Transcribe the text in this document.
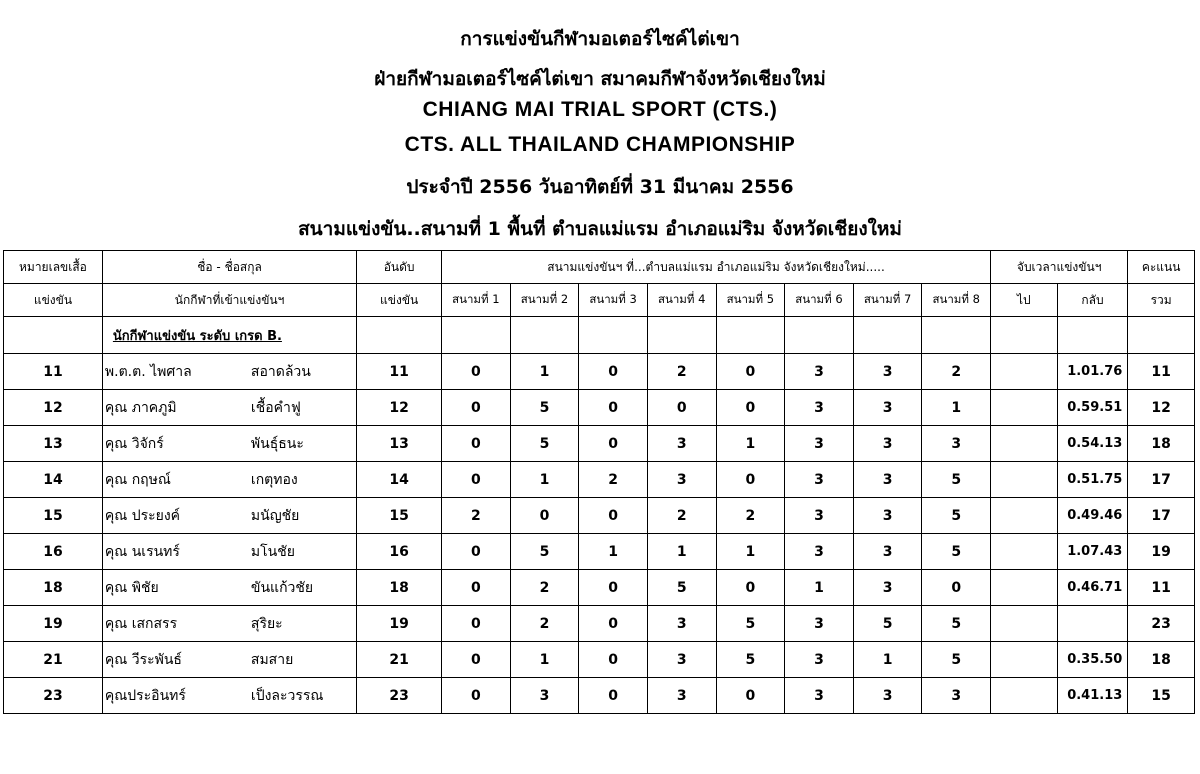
การแข่งขันกีฬามอเตอร์ไซค์ไต่เขา
ฝ่ายกีฬามอเตอร์ไซค์ไต่เขา สมาคมกีฬาจังหวัดเชียงใหม่
CHIANG MAI TRIAL SPORT (CTS.)
CTS. ALL THAILAND CHAMPIONSHIP
ประจำปี 2556 วันอาทิตย์ที่ 31 มีนาคม 2556
สนามแข่งขัน..สนามที่ 1 พื้นที่ ตำบลแม่แรม อำเภอแม่ริม จังหวัดเชียงใหม่
หมายเลขเสื้อ	ชื่อ - ชื่อสกุล	อันดับ	สนามแข่งขันฯ ที่...ตำบลแม่แรม อำเภอแม่ริม จังหวัดเชียงใหม่.....								จับเวลาแข่งขันฯ		คะแนน
แข่งขัน	นักกีฬาที่เข้าแข่งขันฯ	แข่งขัน	สนามที่ 1	สนามที่ 2	สนามที่ 3	สนามที่ 4	สนามที่ 5	สนามที่ 6	สนามที่ 7	สนามที่ 8	ไป	กลับ	รวม
	นักกีฬาแข่งขัน ระดับ เกรด B.												
11	พ.ต.ต. ไพศาล สอาดล้วน	11	0	1	0	2	0	3	3	2		1.01.76	11
12	คุณ ภาคภูมิ เชื้อคำฟู	12	0	5	0	0	0	3	3	1		0.59.51	12
13	คุณ วิจักร์ พันธุ์ธนะ	13	0	5	0	3	1	3	3	3		0.54.13	18
14	คุณ กฤษณ์ เกตุทอง	14	0	1	2	3	0	3	3	5		0.51.75	17
15	คุณ ประยงค์ มนัญชัย	15	2	0	0	2	2	3	3	5		0.49.46	17
16	คุณ นเรนทร์ มโนชัย	16	0	5	1	1	1	3	3	5		1.07.43	19
18	คุณ พิชัย ขันแก้วชัย	18	0	2	0	5	0	1	3	0		0.46.71	11
19	คุณ เสกสรร สุริยะ	19	0	2	0	3	5	3	5	5			23
21	คุณ วีระพันธ์ สมสาย	21	0	1	0	3	5	3	1	5		0.35.50	18
23	คุณประอินทร์ เป็งละวรรณ	23	0	3	0	3	0	3	3	3		0.41.13	15
